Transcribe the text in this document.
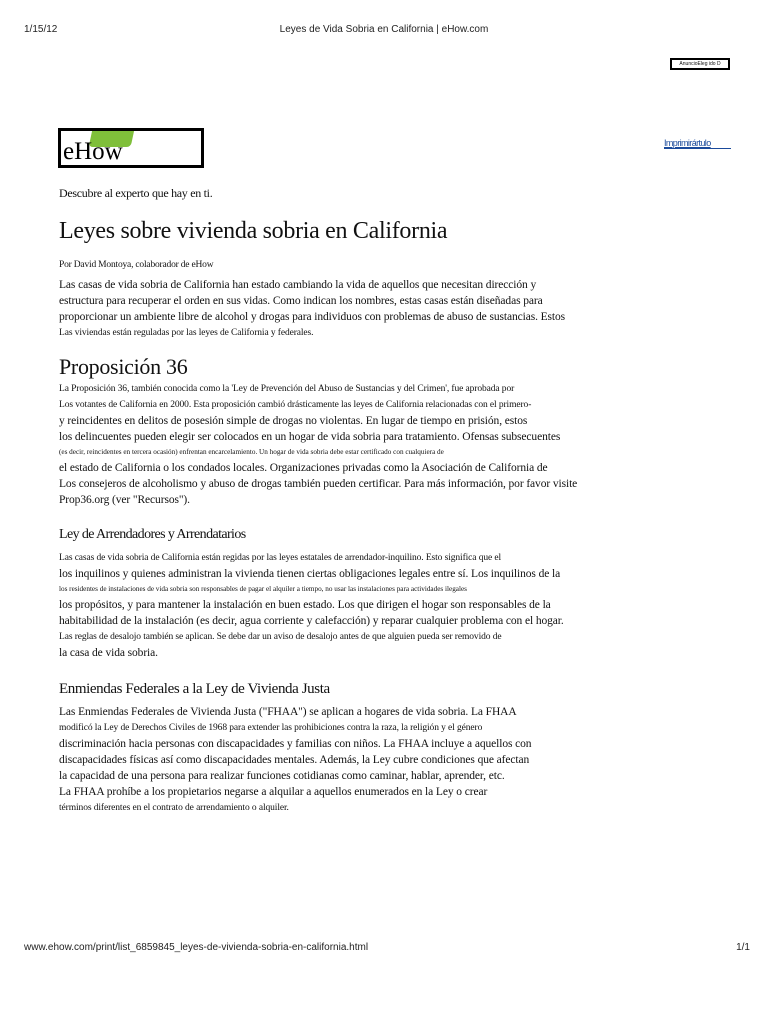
1/15/12	Leyes de Vida Sobria en California | eHow.com
AnuncioEleg ido D
eHow	Imprimirártulo
Descubre al experto que hay en ti.
Leyes sobre vivienda sobria en California
Por David Montoya, colaborador de eHow
Las casas de vida sobria de California han estado cambiando la vida de aquellos que necesitan dirección y
estructura para recuperar el orden en sus vidas. Como indican los nombres, estas casas están diseñadas para
proporcionar un ambiente libre de alcohol y drogas para individuos con problemas de abuso de sustancias. Estos
Las viviendas están reguladas por las leyes de California y federales.
Proposición 36
La Proposición 36, también conocida como la 'Ley de Prevención del Abuso de Sustancias y del Crimen', fue aprobada por
Los votantes de California en 2000. Esta proposición cambió drásticamente las leyes de California relacionadas con el primero-
y reincidentes en delitos de posesión simple de drogas no violentas. En lugar de tiempo en prisión, estos
los delincuentes pueden elegir ser colocados en un hogar de vida sobria para tratamiento. Ofensas subsecuentes
(es decir, reincidentes en tercera ocasión) enfrentan encarcelamiento. Un hogar de vida sobria debe estar certificado con cualquiera de
el estado de California o los condados locales. Organizaciones privadas como la Asociación de California de
Los consejeros de alcoholismo y abuso de drogas también pueden certificar. Para más información, por favor visite
Prop36.org (ver "Recursos").
Ley de Arrendadores y Arrendatarios
Las casas de vida sobria de California están regidas por las leyes estatales de arrendador-inquilino. Esto significa que el
los inquilinos y quienes administran la vivienda tienen ciertas obligaciones legales entre sí. Los inquilinos de la
los residentes de instalaciones de vida sobria son responsables de pagar el alquiler a tiempo, no usar las instalaciones para actividades ilegales
los propósitos, y para mantener la instalación en buen estado. Los que dirigen el hogar son responsables de la
habitabilidad de la instalación (es decir, agua corriente y calefacción) y reparar cualquier problema con el hogar.
Las reglas de desalojo también se aplican. Se debe dar un aviso de desalojo antes de que alguien pueda ser removido de
la casa de vida sobria.
Enmiendas Federales a la Ley de Vivienda Justa
Las Enmiendas Federales de Vivienda Justa ("FHAA") se aplican a hogares de vida sobria. La FHAA
modificó la Ley de Derechos Civiles de 1968 para extender las prohibiciones contra la raza, la religión y el género
discriminación hacia personas con discapacidades y familias con niños. La FHAA incluye a aquellos con
discapacidades físicas así como discapacidades mentales. Además, la Ley cubre condiciones que afectan
la capacidad de una persona para realizar funciones cotidianas como caminar, hablar, aprender, etc.
La FHAA prohíbe a los propietarios negarse a alquilar a aquellos enumerados en la Ley o crear
términos diferentes en el contrato de arrendamiento o alquiler.
www.ehow.com/print/list_6859845_leyes-de-vivienda-sobria-en-california.html	1/1
